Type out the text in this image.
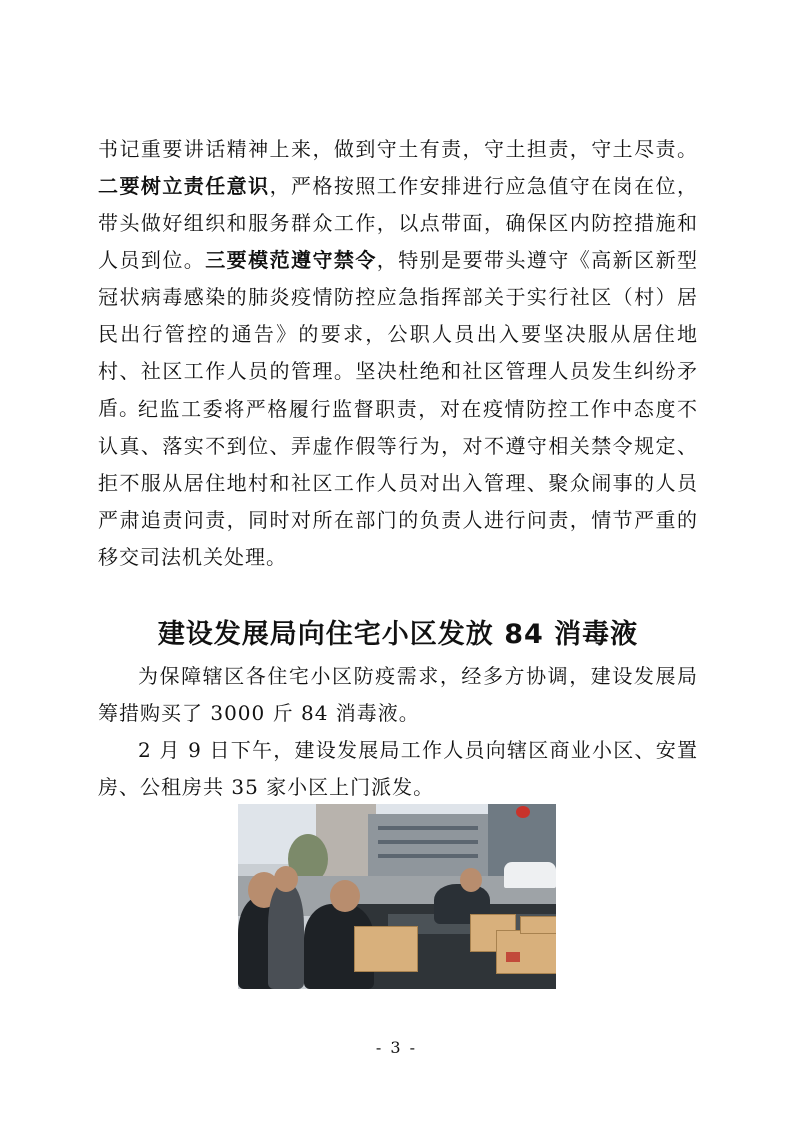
书记重要讲话精神上来，做到守土有责，守土担责，守土尽责。二要树立责任意识，严格按照工作安排进行应急值守在岗在位，带头做好组织和服务群众工作，以点带面，确保区内防控措施和人员到位。三要模范遵守禁令，特别是要带头遵守《高新区新型冠状病毒感染的肺炎疫情防控应急指挥部关于实行社区（村）居民出行管控的通告》的要求，公职人员出入要坚决服从居住地村、社区工作人员的管理。坚决杜绝和社区管理人员发生纠纷矛盾。

纪监工委将严格履行监督职责，对在疫情防控工作中态度不认真、落实不到位、弄虚作假等行为，对不遵守相关禁令规定、拒不服从居住地村和社区工作人员对出入管理、聚众闹事的人员严肃追责问责，同时对所在部门的负责人进行问责，情节严重的移交司法机关处理。

建设发展局向住宅小区发放 84 消毒液

为保障辖区各住宅小区防疫需求，经多方协调，建设发展局筹措购买了 3000 斤 84 消毒液。

2 月 9 日下午，建设发展局工作人员向辖区商业小区、安置房、公租房共 35 家小区上门派发。

- 3 -
